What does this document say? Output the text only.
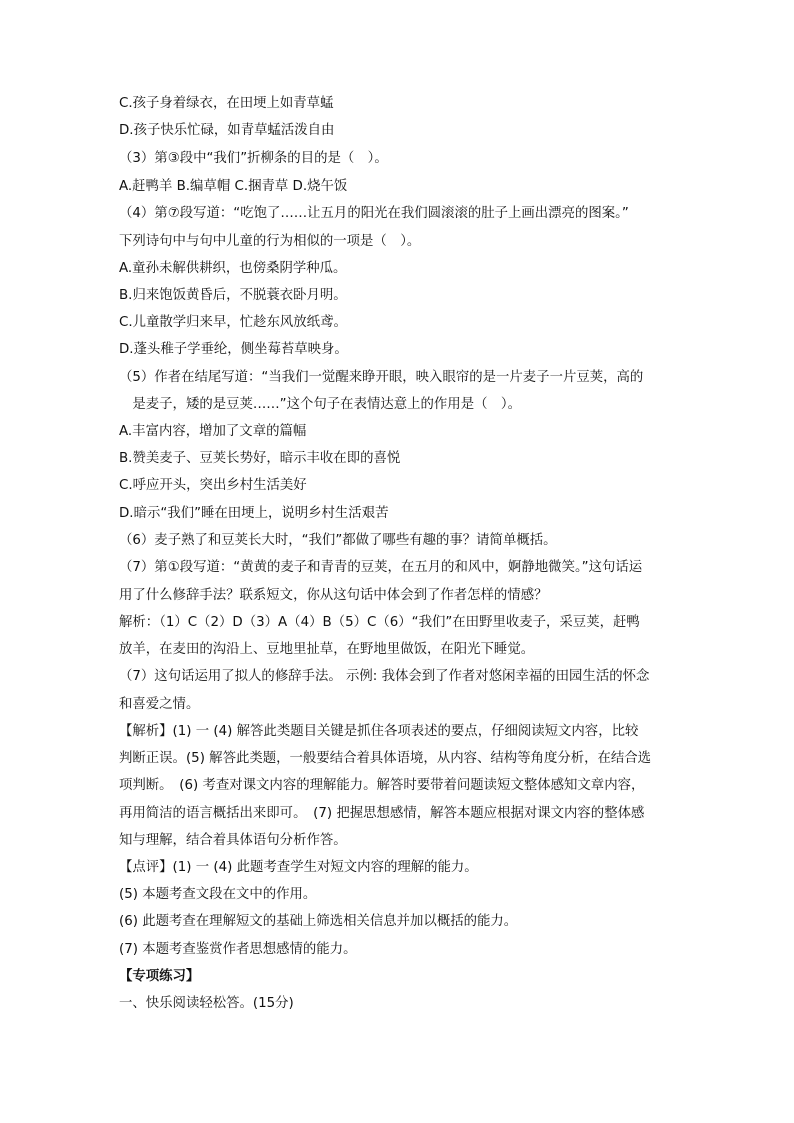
C.孩子身着绿衣，在田埂上如青草蜢
D.孩子快乐忙碌，如青草蜢活泼自由
（3）第③段中“我们”折柳条的目的是（　）。
A.赶鸭羊 B.编草帽 C.捆青草 D.烧午饭
（4）第⑦段写道：“吃饱了……让五月的阳光在我们圆滚滚的肚子上画出漂亮的图案。”
下列诗句中与句中儿童的行为相似的一项是（　）。
A.童孙未解供耕织，也傍桑阴学种瓜。
B.归来饱饭黄昏后，不脱蓑衣卧月明。
C.儿童散学归来早，忙趁东风放纸鸢。
D.蓬头稚子学垂纶，侧坐莓苔草映身。
（5）作者在结尾写道：“当我们一觉醒来睁开眼，映入眼帘的是一片麦子一片豆荚，高的
　是麦子，矮的是豆荚……”这个句子在表情达意上的作用是（　）。
A.丰富内容，增加了文章的篇幅
B.赞美麦子、豆荚长势好，暗示丰收在即的喜悦
C.呼应开头，突出乡村生活美好
D.暗示“我们”睡在田埂上，说明乡村生活艰苦
（6）麦子熟了和豆荚长大时，“我们”都做了哪些有趣的事？请简单概括。
（7）第①段写道：“黄黄的麦子和青青的豆荚，在五月的和风中，婀静地微笑。”这句话运
用了什么修辞手法？联系短文，你从这句话中体会到了作者怎样的情感？
解析：（1）C（2）D（3）A（4）B（5）C（6）“我们”在田野里收麦子，采豆荚，赶鸭
放羊，在麦田的沟沿上、豆地里扯草，在野地里做饭，在阳光下睡觉。
（7）这句话运用了拟人的修辞手法。 示例: 我体会到了作者对悠闲幸福的田园生活的怀念
和喜爱之情。
【解析】(1) 一 (4) 解答此类题目关键是抓住各项表述的要点，仔细阅读短文内容，比较
判断正误。(5) 解答此类题，一般要结合着具体语境，从内容、结构等角度分析，在结合选
项判断。　(6) 考查对课文内容的理解能力。解答时要带着问题读短文整体感知文章内容，
再用简洁的语言概括出来即可。　(7) 把握思想感情，解答本题应根据对课文内容的整体感
知与理解，结合着具体语句分析作答。
【点评】(1) 一 (4) 此题考查学生对短文内容的理解的能力。
(5) 本题考查文段在文中的作用。
(6) 此题考查在理解短文的基础上筛选相关信息并加以概括的能力。
(7) 本题考查鉴赏作者思想感情的能力。
【专项练习】
一、快乐阅读轻松答。(15分)
